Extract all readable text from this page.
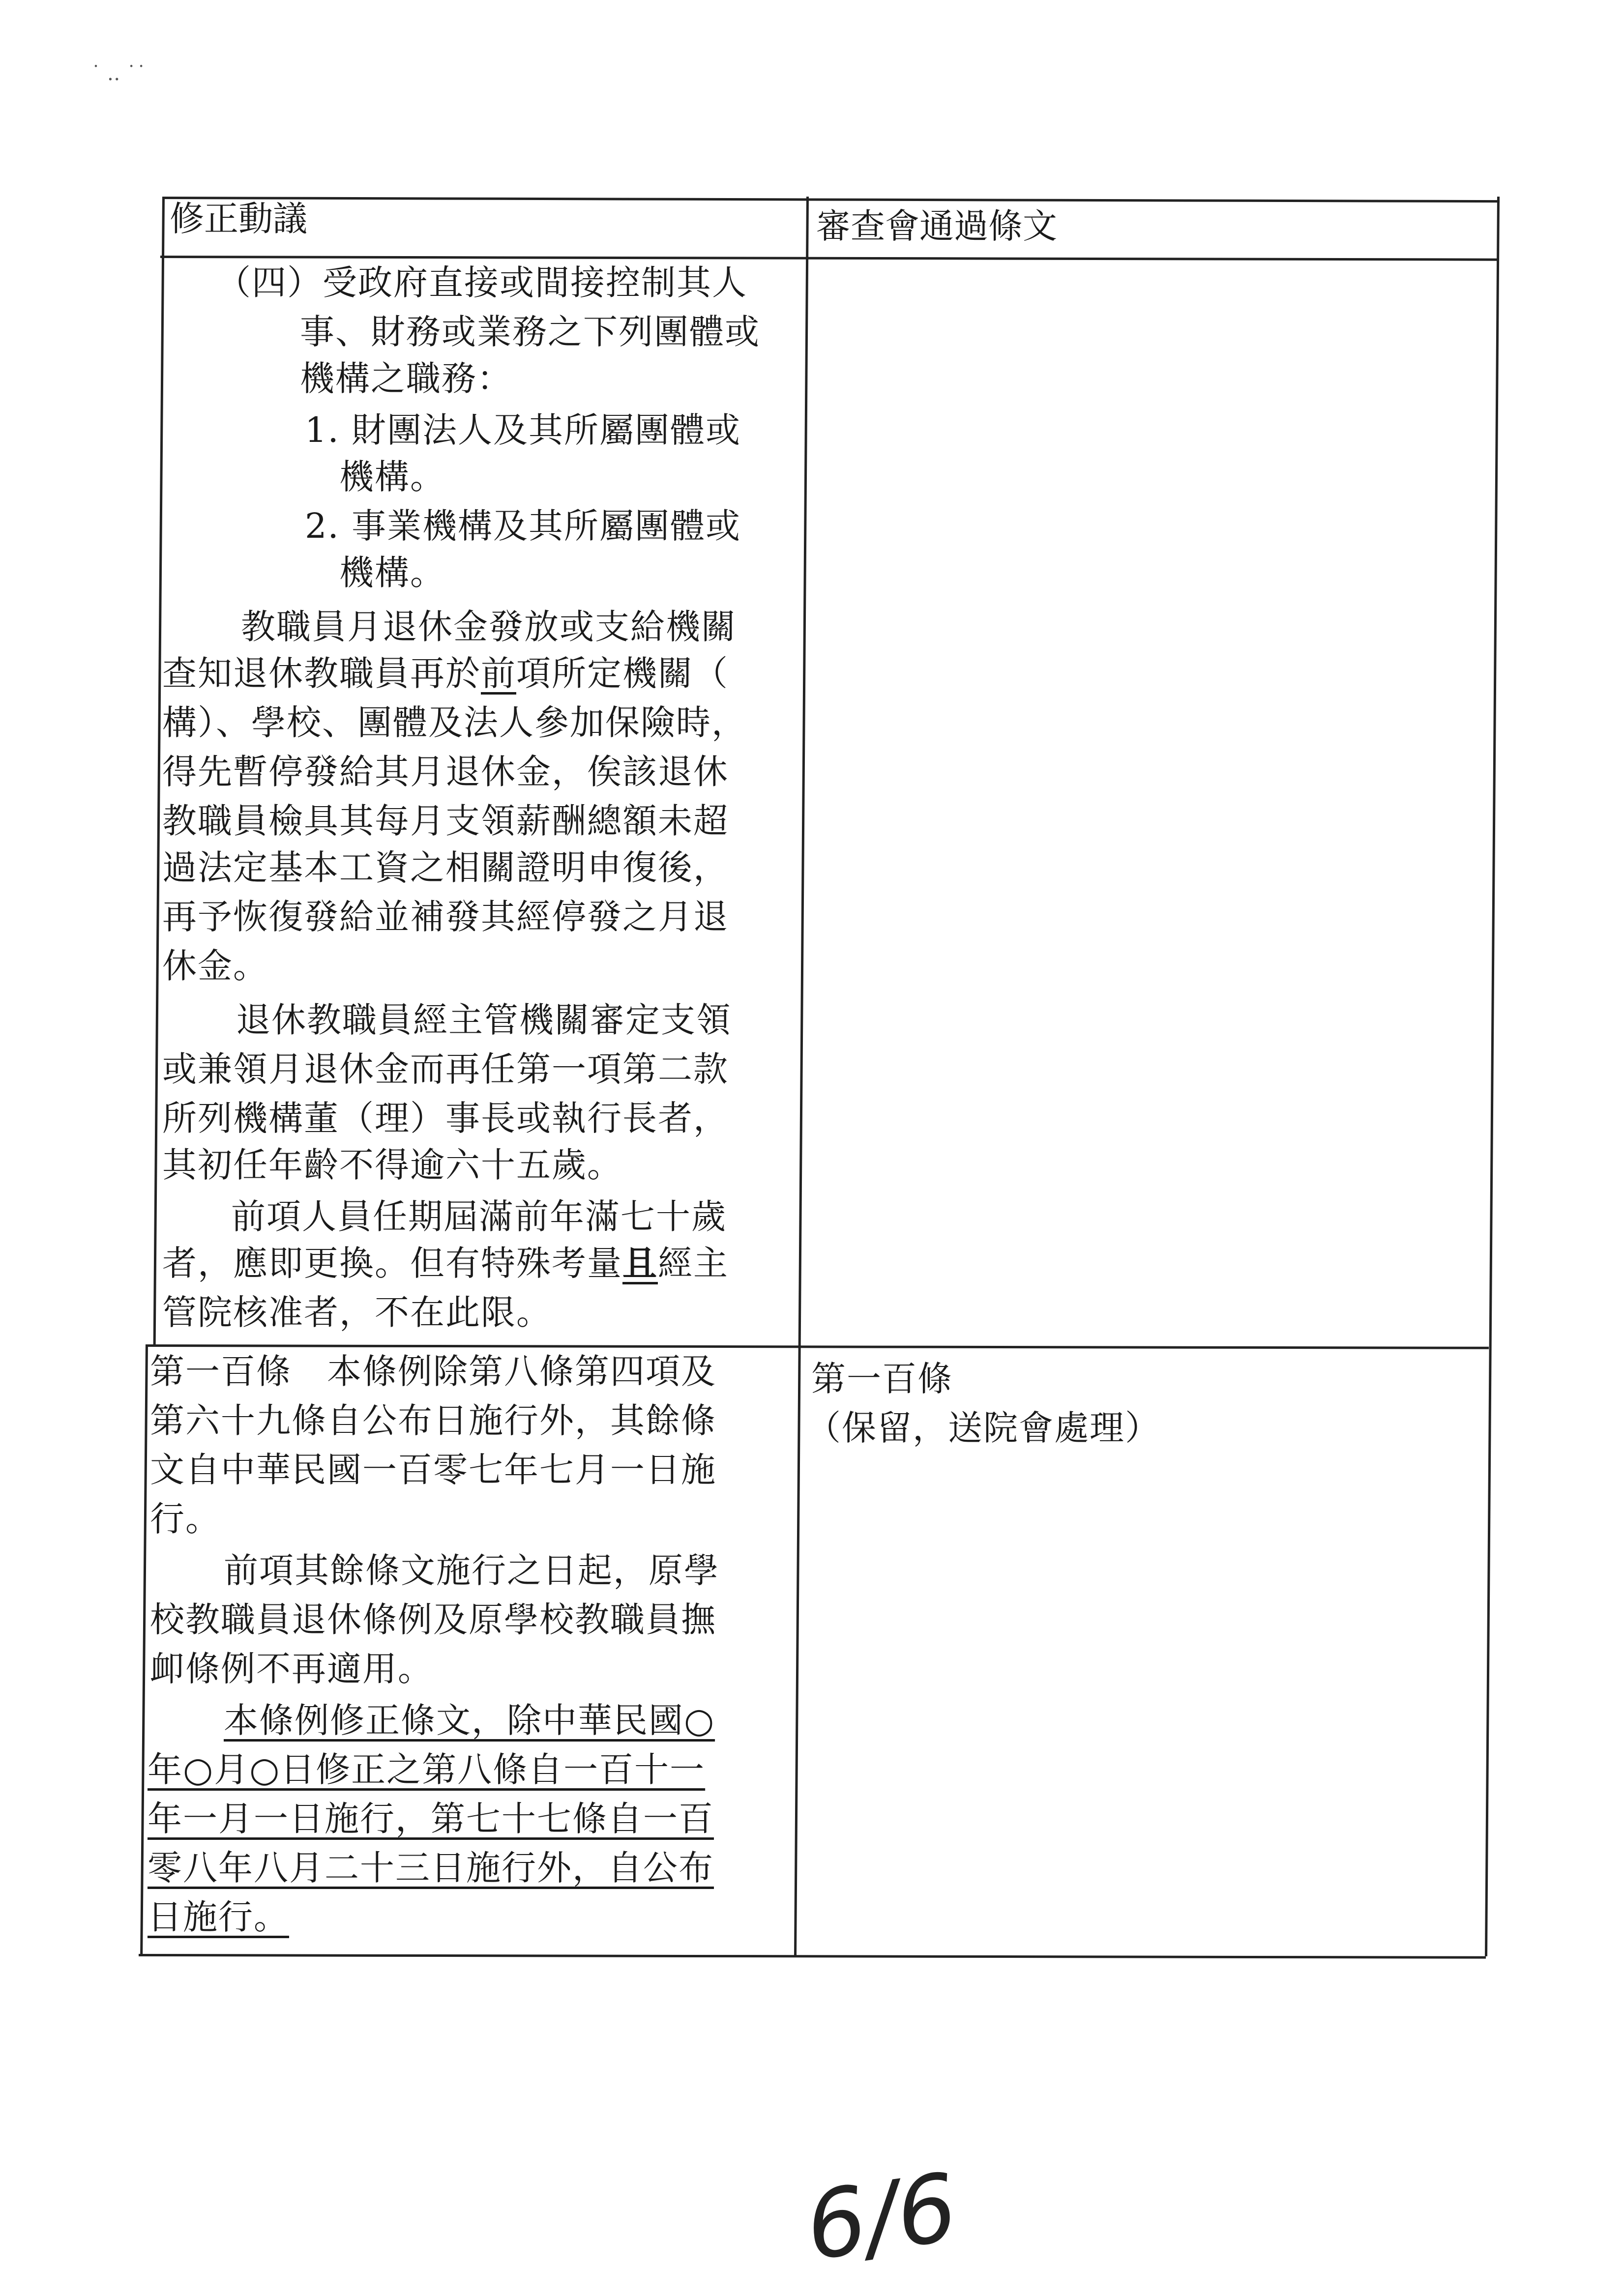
˙ ‥ ˙˙
修正動議	審查會通過條文
（四）受政府直接或間接控制其人
事、財務或業務之下列團體或
機構之職務：
1. 財團法人及其所屬團體或
機構。
2. 事業機構及其所屬團體或
機構。
教職員月退休金發放或支給機關
查知退休教職員再於前項所定機關（
構）、學校、團體及法人參加保險時，
得先暫停發給其月退休金，俟該退休
教職員檢具其每月支領薪酬總額未超
過法定基本工資之相關證明申復後，
再予恢復發給並補發其經停發之月退
休金。
退休教職員經主管機關審定支領
或兼領月退休金而再任第一項第二款
所列機構董（理）事長或執行長者，
其初任年齡不得逾六十五歲。
前項人員任期屆滿前年滿七十歲
者，應即更換。但有特殊考量且經主
管院核准者，不在此限。
第一百條　本條例除第八條第四項及
第六十九條自公布日施行外，其餘條
文自中華民國一百零七年七月一日施
行。
前項其餘條文施行之日起，原學
校教職員退休條例及原學校教職員撫
卹條例不再適用。
本條例修正條文，除中華民國○
年○月○日修正之第八條自一百十一
年一月一日施行，第七十七條自一百
零八年八月二十三日施行外，自公布
日施行。
第一百條
（保留，送院會處理）
6/6
